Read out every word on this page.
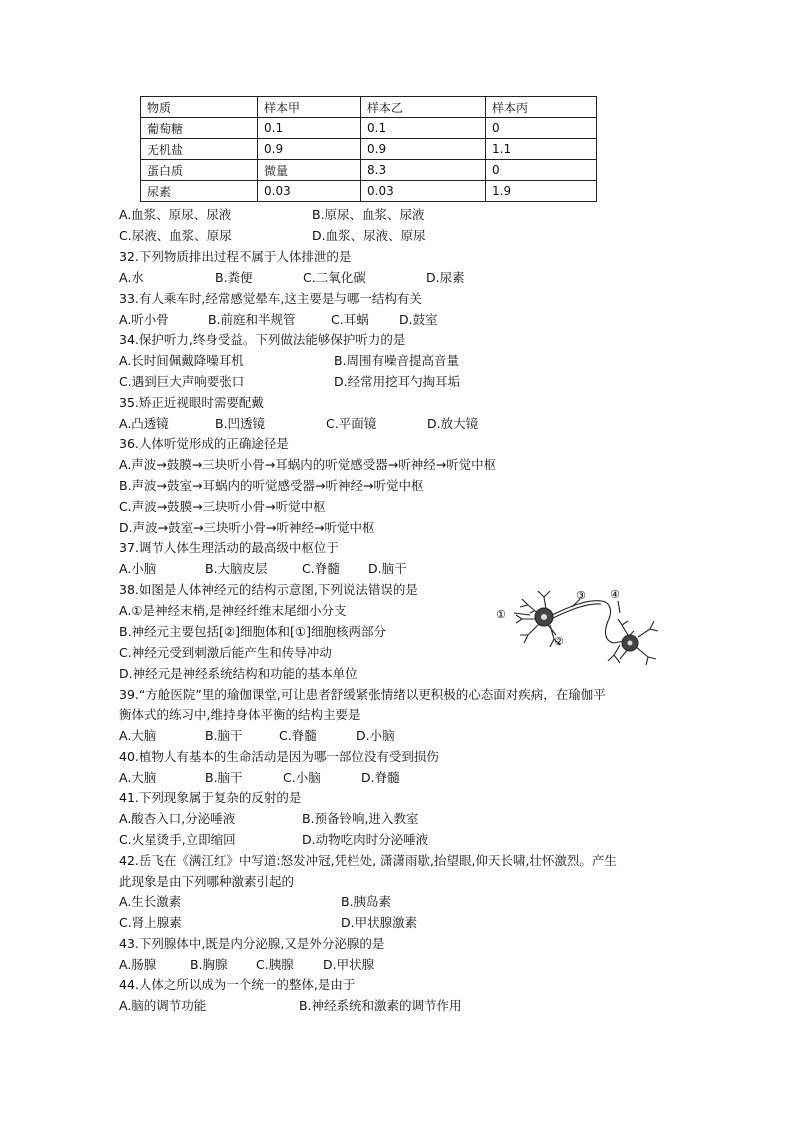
物质	样本甲	样本乙	样本丙
葡萄糖	0.1	0.1	0
无机盐	0.9	0.9	1.1
蛋白质	微量	8.3	0
尿素	0.03	0.03	1.9
A.血浆、原尿、尿液	B.原尿、血浆、尿液
C.尿液、血浆、原尿	D.血浆、尿液、原尿
32.下列物质排出过程不属于人体排泄的是
A.水	B.粪便	C.二氧化碳	D.尿素
33.有人乘车时,经常感觉晕车,这主要是与哪一结构有关
A.听小骨	B.前庭和半规管	C.耳蜗 D.鼓室
34.保护听力,终身受益。下列做法能够保护听力的是
A.长时间佩戴降噪耳机	B.周围有噪音提高音量
C.遇到巨大声响要张口	D.经常用挖耳勺掏耳垢
35.矫正近视眼时需要配戴
A.凸透镜	B.凹透镜	C.平面镜	D.放大镜
36.人体听觉形成的正确途径是
A.声波→鼓膜→三块听小骨→耳蜗内的听觉感受器→听神经→听觉中枢
B.声波→鼓室→耳蜗内的听觉感受器→听神经→听觉中枢
C.声波→鼓膜→三块听小骨→听觉中枢
D.声波→鼓室→三块听小骨→听神经→听觉中枢
37.调节人体生理活动的最高级中枢位于
A.小脑	B.大脑皮层	C.脊髓 D.脑干
38.如图是人体神经元的结构示意图,下列说法错误的是
A.①是神经末梢,是神经纤维末尾细小分支
B.神经元主要包括[②]细胞体和[①]细胞核两部分
C.神经元受到刺激后能产生和传导冲动
D.神经元是神经系统结构和功能的基本单位
①
②
③ ④
39.“方舱医院”里的瑜伽课堂,可让患者舒缓紧张情绪以更积极的心态面对疾病，在瑜伽平
衡体式的练习中,维持身体平衡的结构主要是
A.大脑	B.脑干	C.脊髓	D.小脑
40.植物人有基本的生命活动是因为哪一部位没有受到损伤
A.大脑	B.脑干	C.小脑	D.脊髓
41.下列现象属于复杂的反射的是
A.酸杏入口,分泌唾液	B.预备铃响,进入教室
C.火星烫手,立即缩回	D.动物吃肉时分泌唾液
42.岳飞在《满江红》中写道:怒发冲冠,凭栏处, 潇潇雨歇,抬望眼,仰天长啸,壮怀激烈。产生
此现象是由下列哪种激素引起的
A.生长激素	B.胰岛素
C.肾上腺素	D.甲状腺激素
43.下列腺体中,既是内分泌腺,又是外分泌腺的是
A.肠腺	B.胸腺 C.胰腺 D.甲状腺
44.人体之所以成为一个统一的整体,是由于
A.脑的调节功能	B.神经系统和激素的调节作用
